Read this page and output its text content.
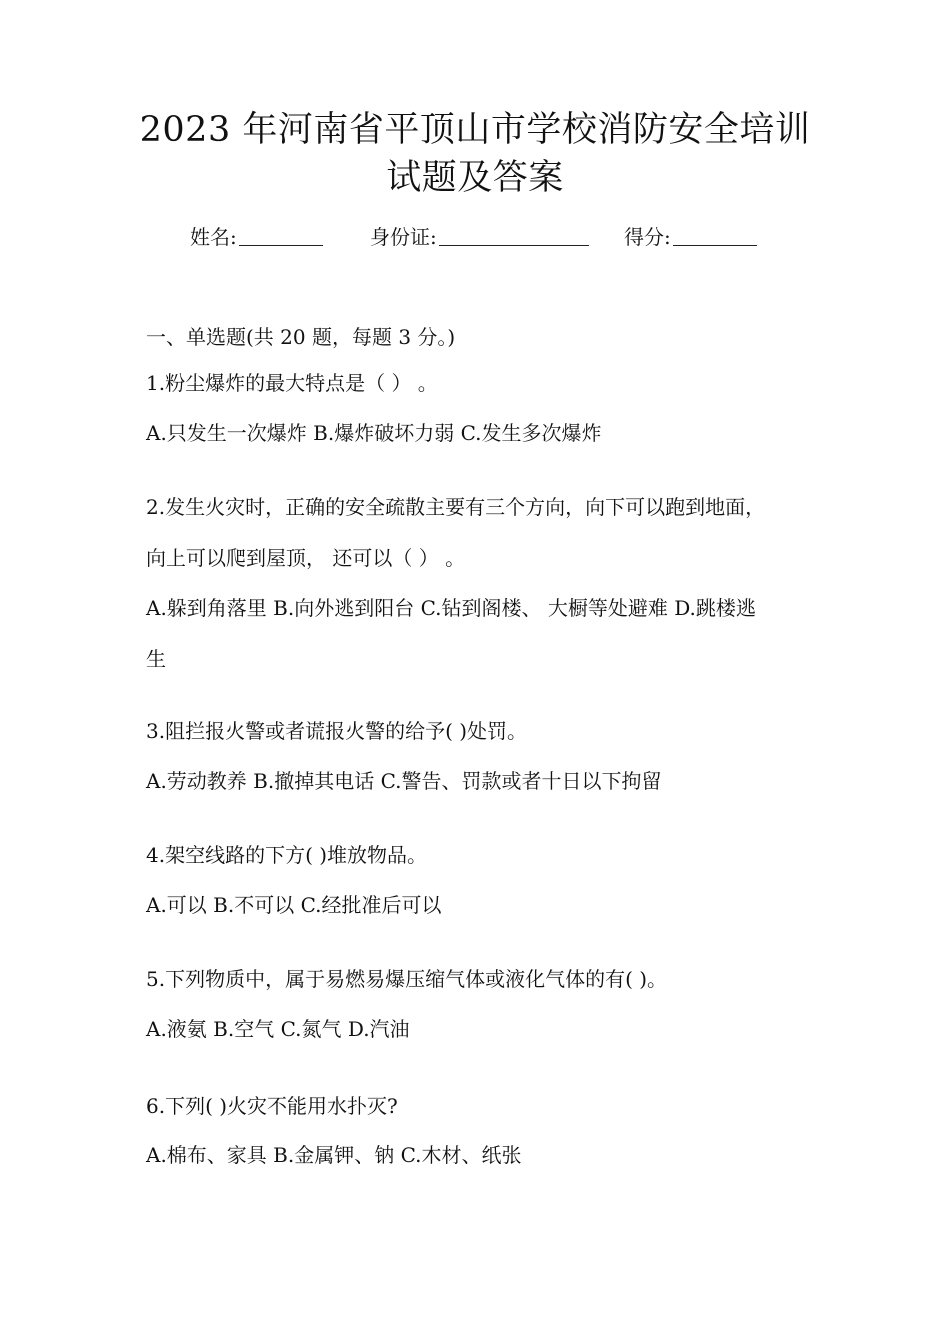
2023 年河南省平顶山市学校消防安全培训
试题及答案
姓名:	身份证:	得分:
一、单选题(共 20 题，每题 3 分。)
1.粉尘爆炸的最大特点是（ ） 。
A.只发生一次爆炸 B.爆炸破坏力弱 C.发生多次爆炸
2.发生火灾时，正确的安全疏散主要有三个方向，向下可以跑到地面，
向上可以爬到屋顶， 还可以（ ） 。
A.躲到角落里 B.向外逃到阳台 C.钻到阁楼、 大橱等处避难 D.跳楼逃
生
3.阻拦报火警或者谎报火警的给予( )处罚。
A.劳动教养 B.撤掉其电话 C.警告、罚款或者十日以下拘留
4.架空线路的下方( )堆放物品。
A.可以 B.不可以 C.经批准后可以
5.下列物质中，属于易燃易爆压缩气体或液化气体的有( )。
A.液氨 B.空气 C.氮气 D.汽油
6.下列( )火灾不能用水扑灭?
A.棉布、家具 B.金属钾、钠 C.木材、纸张
